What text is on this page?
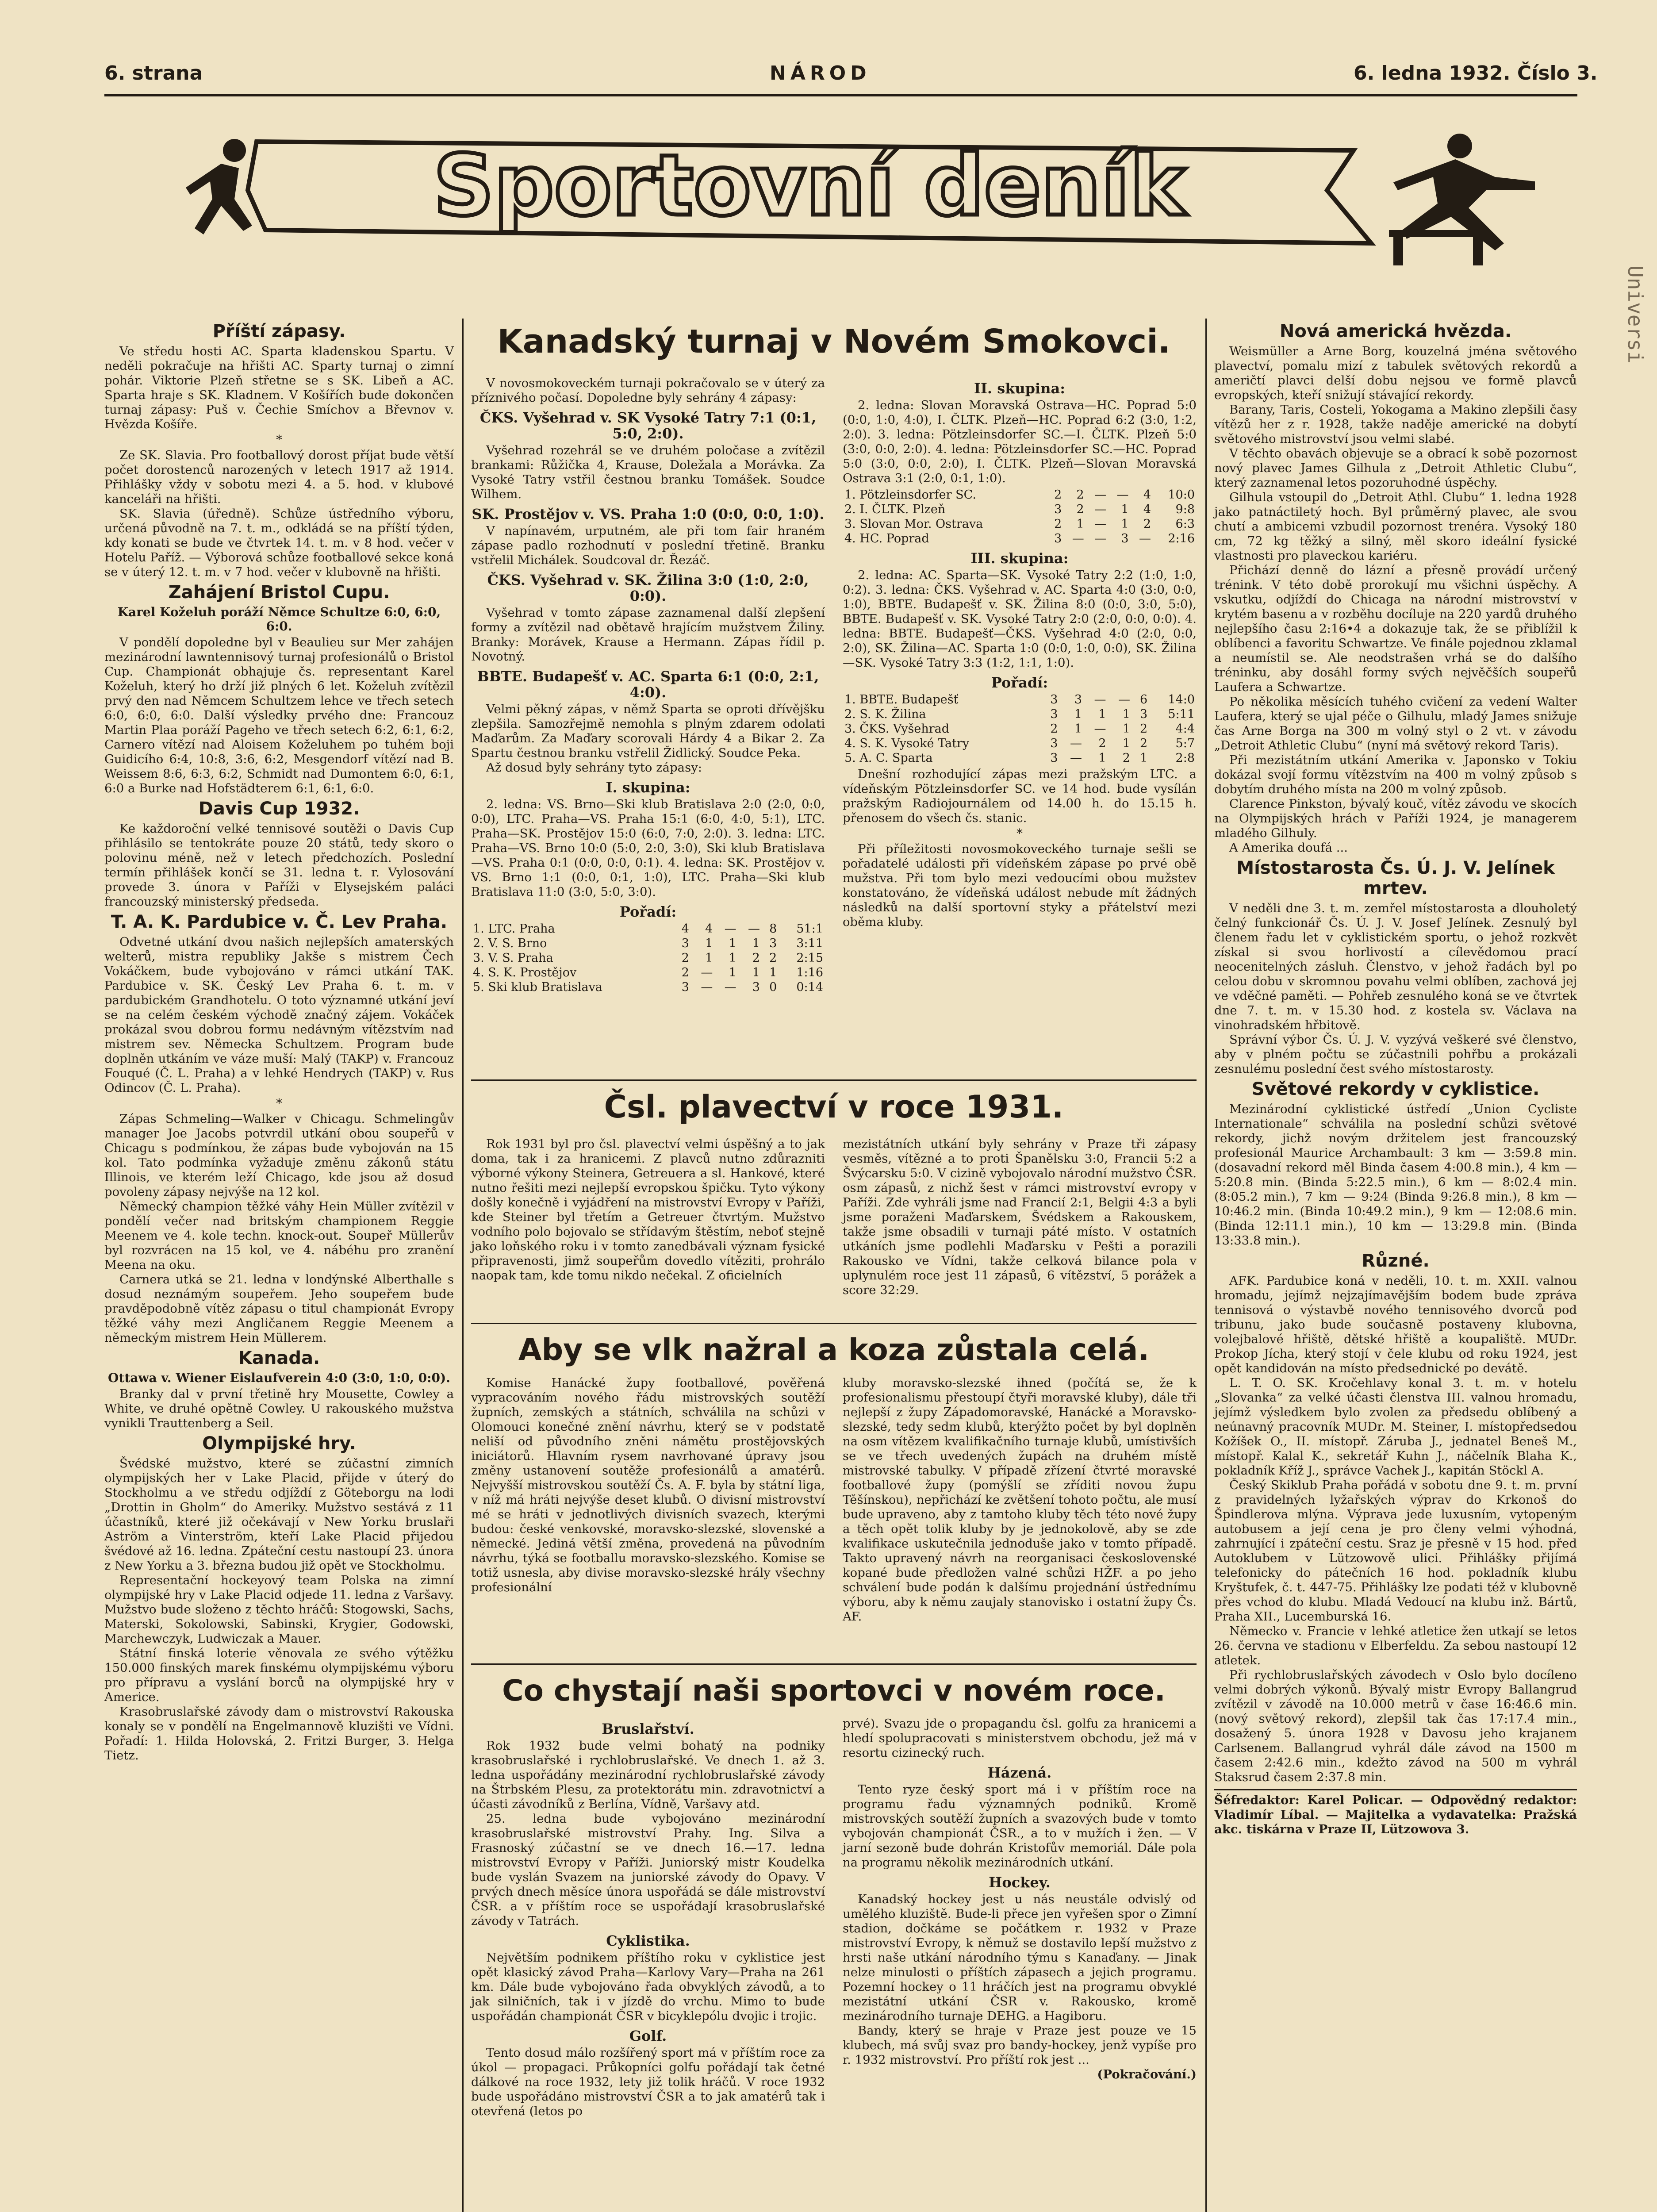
6. strana	NÁROD	6. ledna 1932. Číslo 3.
Sportovní deník
Universi
Příští zápasy.

Ve středu hosti AC. Sparta kladenskou Spartu. V neděli pokračuje na hřišti AC. Sparty turnaj o zimní pohár. Viktorie Plzeň střetne se s SK. Libeň a AC. Sparta hraje s SK. Kladnem. V Košířích bude dokončen turnaj zápasy: Puš v. Čechie Smíchov a Břevnov v. Hvězda Košíře.

*

Ze SK. Slavia. Pro footballový dorost příjat bude větší počet dorostenců narozených v letech 1917 až 1914. Přihlášky vždy v sobotu mezi 4. a 5. hod. v klubové kanceláři na hřišti.

SK. Slavia (úředně). Schůze ústředního výboru, určená původně na 7. t. m., odkládá se na příští týden, kdy konati se bude ve čtvrtek 14. t. m. v 8 hod. večer v Hotelu Paříž. — Výborová schůze footballové sekce koná se v úterý 12. t. m. v 7 hod. večer v klubovně na hřišti.

Zahájení Bristol Cupu.
Karel Koželuh poráží Němce Schultze 6:0, 6:0, 6:0.

V pondělí dopoledne byl v Beaulieu sur Mer zahájen mezinárodní lawntennisový turnaj profesionálů o Bristol Cup. Championát obhajuje čs. representant Karel Koželuh, který ho drží již plných 6 let. Koželuh zvítězil prvý den nad Němcem Schultzem lehce ve třech setech 6:0, 6:0, 6:0. Další výsledky prvého dne: Francouz Martin Plaa poráží Pageho ve třech setech 6:2, 6:1, 6:2, Carnero vítězí nad Aloisem Koželuhem po tuhém boji Guidicího 6:4, 10:8, 3:6, 6:2, Mesgendorf vítězí nad B. Weissem 8:6, 6:3, 6:2, Schmidt nad Dumontem 6:0, 6:1, 6:0 a Burke nad Hofstädterem 6:1, 6:1, 6:0.

Davis Cup 1932.

Ke každoroční velké tennisové soutěži o Davis Cup přihlásilo se tentokráte pouze 20 států, tedy skoro o polovinu méně, než v letech předchozích. Poslední termín přihlášek končí se 31. ledna t. r. Vylosování provede 3. února v Paříži v Elysejském paláci francouzský ministerský předseda.

T. A. K. Pardubice v. Č. Lev Praha.

Odvetné utkání dvou našich nejlepších amaterských welterů, mistra republiky Jakše s mistrem Čech Vokáčkem, bude vybojováno v rámci utkání TAK. Pardubice v. SK. Český Lev Praha 6. t. m. v pardubickém Grandhotelu. O toto významné utkání jeví se na celém českém východě značný zájem. Vokáček prokázal svou dobrou formu nedávným vítězstvím nad mistrem sev. Německa Schultzem. Program bude doplněn utkáním ve váze muší: Malý (TAKP) v. Francouz Fouqué (Č. L. Praha) a v lehké Hendrych (TAKP) v. Rus Odincov (Č. L. Praha).

*

Zápas Schmeling—Walker v Chicagu. Schmelingův manager Joe Jacobs potvrdil utkání obou soupeřů v Chicagu s podmínkou, že zápas bude vybojován na 15 kol. Tato podmínka vyžaduje změnu zákonů státu Illinois, ve kterém leží Chicago, kde jsou až dosud povoleny zápasy nejvýše na 12 kol.

Německý champion těžké váhy Hein Müller zvítězil v pondělí večer nad britským championem Reggie Meenem ve 4. kole techn. knock-out. Soupeř Müllerův byl rozvrácen na 15 kol, ve 4. nábéhu pro zranění Meena na oku.

Carnera utká se 21. ledna v londýnské Alberthalle s dosud neznámým soupeřem. Jeho soupeřem bude pravděpodobně vítěz zápasu o titul championát Evropy těžké váhy mezi Angličanem Reggie Meenem a německým mistrem Hein Müllerem.

Kanada.
Ottawa v. Wiener Eislaufverein 4:0 (3:0, 1:0, 0:0).

Branky dal v první třetině hry Mousette, Cowley a White, ve druhé opětně Cowley. U rakouského mužstva vynikli Trauttenberg a Seil.

Olympijské hry.

Švédské mužstvo, které se zúčastní zimních olympijských her v Lake Placid, přijde v úterý do Stockholmu a ve středu odjíždí z Göteborgu na lodi „Drottin in Gholm“ do Ameriky. Mužstvo sestává z 11 účastníků, které již očekávají v New Yorku bruslaři Aström a Vinterström, kteří Lake Placid přijedou švédové až 16. ledna. Zpáteční cestu nastoupí 23. února z New Yorku a 3. března budou již opět ve Stockholmu.

Representační hockeyový team Polska na zimní olympijské hry v Lake Placid odjede 11. ledna z Varšavy. Mužstvo bude složeno z těchto hráčů: Stogowski, Sachs, Materski, Sokolowski, Sabinski, Krygier, Godowski, Marchewczyk, Ludwiczak a Mauer.

Státní finská loterie věnovala ze svého výtěžku 150.000 finských marek finskému olympijskému výboru pro přípravu a vyslání borců na olympijské hry v Americe.

Krasobruslařské závody dam o mistrovství Rakouska konaly se v pondělí na Engelmannově kluzišti ve Vídni. Pořadí: 1. Hilda Holovská, 2. Fritzi Burger, 3. Helga Tietz.

Kanadský turnaj v Novém Smokovci.

V novosmokoveckém turnaji pokračovalo se v úterý za příznivého počasí. Dopoledne byly sehrány 4 zápasy:

ČKS. Vyšehrad v. SK Vysoké Tatry 7:1 (0:1, 5:0, 2:0).

Vyšehrad rozehrál se ve druhém poločase a zvítězil brankami: Růžička 4, Krause, Doležala a Morávka. Za Vysoké Tatry vstřil čestnou branku Tomášek. Soudce Wilhem.

SK. Prostějov v. VS. Praha 1:0 (0:0, 0:0, 1:0).

V napínavém, urputném, ale při tom fair hraném zápase padlo rozhodnutí v poslední třetině. Branku vstřelil Michálek. Soudcoval dr. Řezáč.

ČKS. Vyšehrad v. SK. Žilina 3:0 (1:0, 2:0, 0:0).

Vyšehrad v tomto zápase zaznamenal další zlepšení formy a zvítězil nad obětavě hrajícím mužstvem Žiliny. Branky: Morávek, Krause a Hermann. Zápas řídil p. Novotný.

BBTE. Budapešť v. AC. Sparta 6:1 (0:0, 2:1, 4:0).

Velmi pěkný zápas, v němž Sparta se oproti dřívějšku zlepšila. Samozřejmě nemohla s plným zdarem odolati Maďarům. Za Maďary scorovali Hárdy 4 a Bikar 2. Za Spartu čestnou branku vstřelil Židlický. Soudce Peka.

Až dosud byly sehrány tyto zápasy:

I. skupina:

2. ledna: VS. Brno—Ski klub Bratislava 2:0 (2:0, 0:0, 0:0), LTC. Praha—VS. Praha 15:1 (6:0, 4:0, 5:1), LTC. Praha—SK. Prostějov 15:0 (6:0, 7:0, 2:0). 3. ledna: LTC. Praha—VS. Brno 10:0 (5:0, 2:0, 3:0), Ski klub Bratislava—VS. Praha 0:1 (0:0, 0:0, 0:1). 4. ledna: SK. Prostějov v. VS. Brno 1:1 (0:0, 0:1, 1:0), LTC. Praha—Ski klub Bratislava 11:0 (3:0, 5:0, 3:0).

Pořadí:
1. LTC. Praha	4	4	—	—	8	51:1
2. V. S. Brno	3	1	1	1	3	3:11
3. V. S. Praha	2	1	1	2	2	2:15
4. S. K. Prostějov	2	—	1	1	1	1:16
5. Ski klub Bratislava	3	—	—	3	0	0:14
II. skupina:

2. ledna: Slovan Moravská Ostrava—HC. Poprad 5:0 (0:0, 1:0, 4:0), I. ČLTK. Plzeň—HC. Poprad 6:2 (3:0, 1:2, 2:0). 3. ledna: Pötzleinsdorfer SC.—I. ČLTK. Plzeň 5:0 (3:0, 0:0, 2:0). 4. ledna: Pötzleinsdorfer SC.—HC. Poprad 5:0 (3:0, 0:0, 2:0), I. ČLTK. Plzeň—Slovan Moravská Ostrava 3:1 (2:0, 0:1, 1:0).

1. Pötzleinsdorfer SC.	2	2	—	—	4	10:0
2. I. ČLTK. Plzeň	3	2	—	1	4	9:8
3. Slovan Mor. Ostrava	2	1	—	1	2	6:3
4. HC. Poprad	3	—	—	3	—	2:16
III. skupina:

2. ledna: AC. Sparta—SK. Vysoké Tatry 2:2 (1:0, 1:0, 0:2). 3. ledna: ČKS. Vyšehrad v. AC. Sparta 4:0 (3:0, 0:0, 1:0), BBTE. Budapešť v. SK. Žilina 8:0 (0:0, 3:0, 5:0), BBTE. Budapešť v. SK. Vysoké Tatry 2:0 (2:0, 0:0, 0:0). 4. ledna: BBTE. Budapešť—ČKS. Vyšehrad 4:0 (2:0, 0:0, 2:0), SK. Žilina—AC. Sparta 1:0 (0:0, 1:0, 0:0), SK. Žilina—SK. Vysoké Tatry 3:3 (1:2, 1:1, 1:0).

Pořadí:
1. BBTE. Budapešť	3	3	—	—	6	14:0
2. S. K. Žilina	3	1	1	1	3	5:11
3. ČKS. Vyšehrad	2	1	—	1	2	4:4
4. S. K. Vysoké Tatry	3	—	2	1	2	5:7
5. A. C. Sparta	3	—	1	2	1	2:8

Dnešní rozhodující zápas mezi pražským LTC. a vídeňským Pötzleinsdorfer SC. ve 14 hod. bude vysílán pražským Radiojournálem od 14.00 h. do 15.15 h. přenosem do všech čs. stanic.

*

Při příležitosti novosmokoveckého turnaje sešli se pořadatelé události při vídeňském zápase po prvé obě mužstva. Při tom bylo mezi vedoucími obou mužstev konstatováno, že vídeňská událost nebude mít žádných následků na další sportovní styky a přátelství mezi oběma kluby.

Čsl. plavectví v roce 1931.

Rok 1931 byl pro čsl. plavectví velmi úspěšný a to jak doma, tak i za hranicemi. Z plavců nutno zdůrazniti výborné výkony Steinera, Getreuera a sl. Hankové, které nutno řešiti mezi nejlepší evropskou špičku. Tyto výkony došly konečně i vyjádření na mistrovství Evropy v Paříži, kde Steiner byl třetím a Getreuer čtvrtým. Mužstvo vodního polo bojovalo se střídavým štěstím, neboť stejně jako loňského roku i v tomto zanedbávali význam fysické připravenosti, jimž soupeřům dovedlo vítěziti, prohrálo naopak tam, kde tomu nikdo nečekal. Z oficielních

mezistátních utkání byly sehrány v Praze tři zápasy vesměs, vítězné a to proti Španělsku 3:0, Francii 5:2 a Švýcarsku 5:0. V cizině vybojovalo národní mužstvo ČSR. osm zápasů, z nichž šest v rámci mistrovství evropy v Paříži. Zde vyhráli jsme nad Francií 2:1, Belgii 4:3 a byli jsme poraženi Maďarskem, Švédskem a Rakouskem, takže jsme obsadili v turnaji páté místo. V ostatních utkáních jsme podlehli Maďarsku v Pešti a porazili Rakousko ve Vídni, takže celková bilance pola v uplynulém roce jest 11 zápasů, 6 vítězství, 5 porážek a score 32:29.

Aby se vlk nažral a koza zůstala celá.

Komise Hanácké župy footballové, pověřená vypracováním nového řádu mistrovských soutěží župních, zemských a státních, schválila na schůzi v Olomouci konečné znění návrhu, který se v podstatě neliší od původního zněni námětu prostějovských iniciátorů. Hlavním rysem navrhované úpravy jsou změny ustanovení soutěže profesionálů a amatérů. Nejvyšší mistrovskou soutěží Čs. A. F. byla by státní liga, v níž má hráti nejvýše deset klubů. O divisní mistrovství mé se hráti v jednotlivých divisních svazech, kterými budou: české venkovské, moravsko-slezské, slovenské a německé. Jediná větší změna, provedená na původním návrhu, týká se footballu moravsko-slezského. Komise se totiž usnesla, aby divise moravsko-slezské hrály všechny profesionální

kluby moravsko-slezské ihned (počítá se, že k profesionalismu přestoupí čtyři moravské kluby), dále tři nejlepší z župy Západomoravské, Hanácké a Moravsko-slezské, tedy sedm klubů, kterýžto počet by byl doplněn na osm vítězem kvalifikačního turnaje klubů, umístivších se ve třech uvedených župách na druhém místě mistrovské tabulky. V případě zřízení čtvrté moravské footballové župy (pomýšlí se zříditi novou župu Těšínskou), nepřichází ke zvětšení tohoto počtu, ale musí bude upraveno, aby z tamtoho kluby těch této nové župy a těch opět tolik kluby by je jednokolově, aby se zde kvalifikace uskutečnila jednoduše jako v tomto případě. Takto upravený návrh na reorganisaci československé kopané bude předložen valné schůzi HŽF. a po jeho schválení bude podán k dalšímu projednání ústřednímu výboru, aby k němu zaujaly stanovisko i ostatní župy Čs. AF.

Co chystají naši sportovci v novém roce.
Bruslařství.

Rok 1932 bude velmi bohatý na podniky krasobruslařské i rychlobruslařské. Ve dnech 1. až 3. ledna uspořádány mezinárodní rychlobruslařské závody na Štrbském Plesu, za protektorátu min. zdravotnictví a účasti závodníků z Berlína, Vídně, Varšavy atd.

25. ledna bude vybojováno mezinárodní krasobruslařské mistrovství Prahy. Ing. Silva a Frasnoský zúčastní se ve dnech 16.—17. ledna mistrovství Evropy v Paříži. Juniorský mistr Koudelka bude vyslán Svazem na juniorské závody do Opavy. V prvých dnech měsíce února uspořádá se dále mistrovství ČSR. a v příštím roce se uspořádají krasobruslařské závody v Tatrách.

Cyklistika.

Největším podnikem příštího roku v cyklistice jest opět klasický závod Praha—Karlovy Vary—Praha na 261 km. Dále bude vybojováno řada obvyklých závodů, a to jak silničních, tak i v jízdě do vrchu. Mimo to bude uspořádán championát ČSR v bicyklepólu dvojic i trojic.

Golf.

Tento dosud málo rozšířený sport má v příštím roce za úkol — propagaci. Průkopníci golfu pořádají tak četné dálkové na roce 1932, lety již tolik hráčů. V roce 1932 bude uspořádáno mistrovství ČSR a to jak amatérů tak i otevřená (letos po

prvé). Svazu jde o propagandu čsl. golfu za hranicemi a hledí spolupracovati s ministerstvem obchodu, jež má v resortu cizinecký ruch.

Házená.

Tento ryze český sport má i v příštím roce na programu řadu významných podniků. Kromě mistrovských soutěží župních a svazových bude v tomto vybojován championát ČSR., a to v mužích i žen. — V jarní sezoně bude dohrán Kristofův memoriál. Dále pola na programu několik mezinárodních utkání.

Hockey.

Kanadský hockey jest u nás neustále odvislý od umělého kluziště. Bude-li přece jen vyřešen spor o Zimní stadion, dočkáme se počátkem r. 1932 v Praze mistrovství Evropy, k němuž se dostavilo lepší mužstvo z hrsti naše utkání národního týmu s Kanaďany. — Jinak nelze minulosti o příštích zápasech a jejich programu. Pozemní hockey o 11 hráčích jest na programu obvyklé mezistátní utkání ČSR v. Rakousko, kromě mezinárodního turnaje DEHG. a Hagiboru.

Bandy, který se hraje v Praze jest pouze ve 15 klubech, má svůj svaz pro bandy-hockey, jenž vypíše pro r. 1932 mistrovství. Pro příští rok jest ...

(Pokračování.)

Nová americká hvězda.

Weismüller a Arne Borg, kouzelná jména světového plavectví, pomalu mizí z tabulek světových rekordů a američtí plavci delší dobu nejsou ve formě plavců evropských, kteří snižují stávající rekordy.

Barany, Taris, Costeli, Yokogama a Makino zlepšili časy vítězů her z r. 1928, takže naděje americké na dobytí světového mistrovství jsou velmi slabé.

V těchto obavách objevuje se a obrací k sobě pozornost nový plavec James Gilhula z „Detroit Athletic Clubu“, který zaznamenal letos pozoruhodné úspěchy.

Gilhula vstoupil do „Detroit Athl. Clubu“ 1. ledna 1928 jako patnáctiletý hoch. Byl průměrný plavec, ale svou chutí a ambicemi vzbudil pozornost trenéra. Vysoký 180 cm, 72 kg těžký a silný, měl skoro ideální fysické vlastnosti pro plaveckou kariéru.

Přichází denně do lázní a přesně provádí určený trénink. V této době prorokují mu všichni úspěchy. A vskutku, odjíždí do Chicaga na národní mistrovství v krytém basenu a v rozběhu docíluje na 220 yardů druhého nejlepšího času 2:16•4 a dokazuje tak, že se přiblížil k oblíbenci a favoritu Schwartze. Ve finále pojednou zklamal a neumístil se. Ale neodstrašen vrhá se do dalšího tréninku, aby dosáhl formy svých nejvěčších soupeřů Laufera a Schwartze.

Po několika měsících tuhého cvičení za vedení Walter Laufera, který se ujal péče o Gilhulu, mladý James snižuje čas Arne Borga na 300 m volný styl o 2 vt. v závodu „Detroit Athletic Clubu“ (nyní má světový rekord Taris).

Při mezistátním utkání Amerika v. Japonsko v Tokiu dokázal svojí formu vítězstvím na 400 m volný způsob s dobytím druhého místa na 200 m volný způsob.

Clarence Pinkston, bývalý kouč, vítěz závodu ve skocích na Olympijských hrách v Paříži 1924, je managerem mladého Gilhuly.

A Amerika doufá ...

Místostarosta Čs. Ú. J. V. Jelínek mrtev.

V neděli dne 3. t. m. zemřel místostarosta a dlouholetý čelný funkcionář Čs. Ú. J. V. Josef Jelínek. Zesnulý byl členem řadu let v cyklistickém sportu, o jehož rozkvět získal si svou horlivostí a cílevědomou prací neocenitelných zásluh. Členstvo, v jehož řadách byl po celou dobu v skromnou povahu velmi oblíben, zachová jej ve vděčné paměti. — Pohřeb zesnulého koná se ve čtvrtek dne 7. t. m. v 15.30 hod. z kostela sv. Václava na vinohradském hřbitově.

Správní výbor Čs. Ú. J. V. vyzývá veškeré své členstvo, aby v plném počtu se zúčastnili pohřbu a prokázali zesnulému poslední čest svého místostarosty.

Světové rekordy v cyklistice.

Mezinárodní cyklistické ústředí „Union Cycliste Internationale“ schválila na poslední schůzi světové rekordy, jichž novým držitelem jest francouzský profesionál Maurice Archambault: 3 km — 3:59.8 min. (dosavadní rekord měl Binda časem 4:00.8 min.), 4 km — 5:20.8 min. (Binda 5:22.5 min.), 6 km — 8:02.4 min. (8:05.2 min.), 7 km — 9:24 (Binda 9:26.8 min.), 8 km — 10:46.2 min. (Binda 10:49.2 min.), 9 km — 12:08.6 min. (Binda 12:11.1 min.), 10 km — 13:29.8 min. (Binda 13:33.8 min.).

Různé.

AFK. Pardubice koná v neděli, 10. t. m. XXII. valnou hromadu, jejímž nejzajímavějším bodem bude zpráva tennisová o výstavbě nového tennisového dvorců pod tribunu, jako bude současně postaveny klubovna, volejbalové hřiště, dětské hřiště a koupaliště. MUDr. Prokop Jícha, který stojí v čele klubu od roku 1924, jest opět kandidován na místo předsednické po devátě.

L. T. O. SK. Kročehlavy konal 3. t. m. v hotelu „Slovanka“ za velké účasti členstva III. valnou hromadu, jejímž výsledkem bylo zvolen za předsedu oblíbený a neúnavný pracovník MUDr. M. Steiner, I. místopředsedou Kožíšek O., II. místopř. Záruba J., jednatel Beneš M., místopř. Kalal K., sekretář Kuhn J., náčelník Blaha K., pokladník Kříž J., správce Vachek J., kapitán Stöckl A.

Český Skiklub Praha pořádá v sobotu dne 9. t. m. první z pravidelných lyžařských výprav do Krkonoš do Špindlerova mlýna. Výprava jede luxusním, vytopeným autobusem a její cena je pro členy velmi výhodná, zahrnující i zpáteční cestu. Sraz je přesně v 15 hod. před Autoklubem v Lützowově ulici. Přihlášky přijímá telefonicky do pátečních 16 hod. pokladník klubu Kryštufek, č. t. 447-75. Přihlášky lze podati též v klubovně přes vchod do klubu. Mladá Vedoucí na klubu inž. Bártů, Praha XII., Lucemburská 16.

Německo v. Francie v lehké atletice žen utkají se letos 26. června ve stadionu v Elberfeldu. Za sebou nastoupí 12 atletek.

Při rychlobruslařských závodech v Oslo bylo docíleno velmi dobrých výkonů. Bývalý mistr Evropy Ballangrud zvítězil v závodě na 10.000 metrů v čase 16:46.6 min. (nový světový rekord), zlepšil tak čas 17:17.4 min., dosažený 5. února 1928 v Davosu jeho krajanem Carlsenem. Ballangrud vyhrál dále závod na 1500 m časem 2:42.6 min., kdežto závod na 500 m vyhrál Staksrud časem 2:37.8 min.

Šéfredaktor: Karel Policar. — Odpovědný redaktor: Vladimír Líbal. — Majitelka a vydavatelka: Pražská akc. tiskárna v Praze II, Lützowova 3.
